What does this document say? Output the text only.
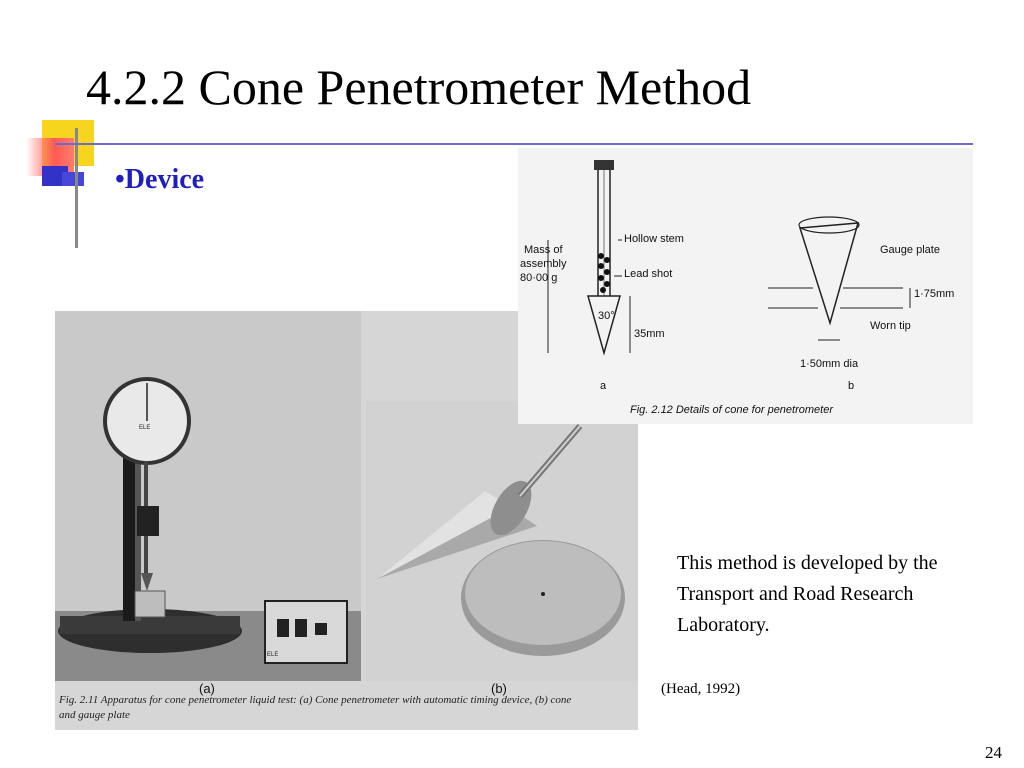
4.2.2 Cone Penetrometer Method
•Device
ELE
ELE
(a)	(b)
Fig. 2.11 Apparatus for cone penetrometer liquid test: (a) Cone penetrometer with automatic timing device, (b) cone
and gauge plate
Mass of
assembly
80·00 g
Hollow stem
Lead shot
30°
35mm
a
Gauge plate
1·75mm
Worn tip
1·50mm dia
b
Fig. 2.12 Details of cone for penetrometer
This method is developed by the Transport and Road Research Laboratory.
(Head, 1992)
24
